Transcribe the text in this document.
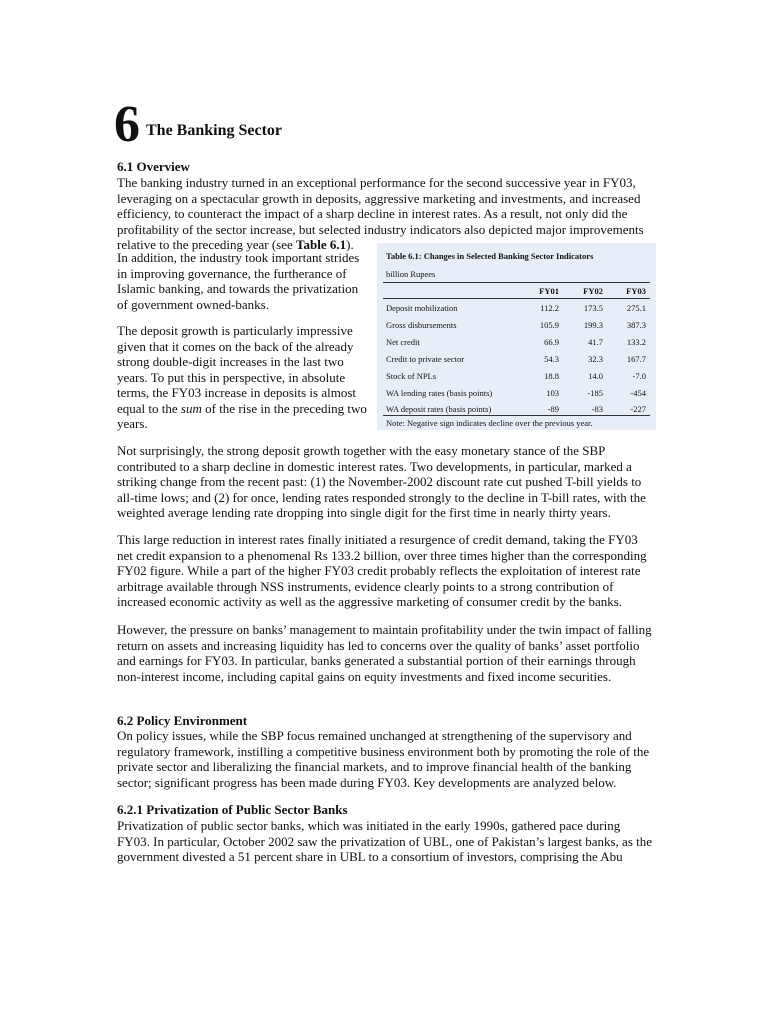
6 The Banking Sector

6.1 Overview

The banking industry turned in an exceptional performance for the second successive year in FY03, leveraging on a spectacular growth in deposits, aggressive marketing and investments, and increased efficiency, to counteract the impact of a sharp decline in interest rates. As a result, not only did the profitability of the sector increase, but selected industry indicators also depicted major improvements relative to the preceding year (see Table 6.1).

In addition, the industry took important strides in improving governance, the furtherance of Islamic banking, and towards the privatization of government owned-banks.

The deposit growth is particularly impressive given that it comes on the back of the already strong double-digit increases in the last two years. To put this in perspective, in absolute terms, the FY03 increase in deposits is almost equal to the sum of the rise in the preceding two years.

Table 6.1: Changes in Selected Banking Sector Indicators
billion Rupees
FY01	FY02	FY03
Deposit mobilization	112.2	173.5	275.1
Gross disbursements	105.9	199.3	387.3
Net credit	66.9	41.7	133.2
Credit to private sector	54.3	32.3	167.7
Stock of NPLs	18.8	14.0	-7.0
WA lending rates (basis points)	103	-185	-454
WA deposit rates (basis points)	-89	-83	-227
Note: Negative sign indicates decline over the previous year.

Not surprisingly, the strong deposit growth together with the easy monetary stance of the SBP contributed to a sharp decline in domestic interest rates. Two developments, in particular, marked a striking change from the recent past: (1) the November-2002 discount rate cut pushed T-bill yields to all-time lows; and (2) for once, lending rates responded strongly to the decline in T-bill rates, with the weighted average lending rate dropping into single digit for the first time in nearly thirty years.

This large reduction in interest rates finally initiated a resurgence of credit demand, taking the FY03 net credit expansion to a phenomenal Rs 133.2 billion, over three times higher than the corresponding FY02 figure. While a part of the higher FY03 credit probably reflects the exploitation of interest rate arbitrage available through NSS instruments, evidence clearly points to a strong contribution of increased economic activity as well as the aggressive marketing of consumer credit by the banks.

However, the pressure on banks’ management to maintain profitability under the twin impact of falling return on assets and increasing liquidity has led to concerns over the quality of banks’ asset portfolio and earnings for FY03. In particular, banks generated a substantial portion of their earnings through non-interest income, including capital gains on equity investments and fixed income securities.

6.2 Policy Environment

On policy issues, while the SBP focus remained unchanged at strengthening of the supervisory and regulatory framework, instilling a competitive business environment both by promoting the role of the private sector and liberalizing the financial markets, and to improve financial health of the banking sector; significant progress has been made during FY03. Key developments are analyzed below.

6.2.1 Privatization of Public Sector Banks

Privatization of public sector banks, which was initiated in the early 1990s, gathered pace during FY03. In particular, October 2002 saw the privatization of UBL, one of Pakistan’s largest banks, as the government divested a 51 percent share in UBL to a consortium of investors, comprising the Abu
